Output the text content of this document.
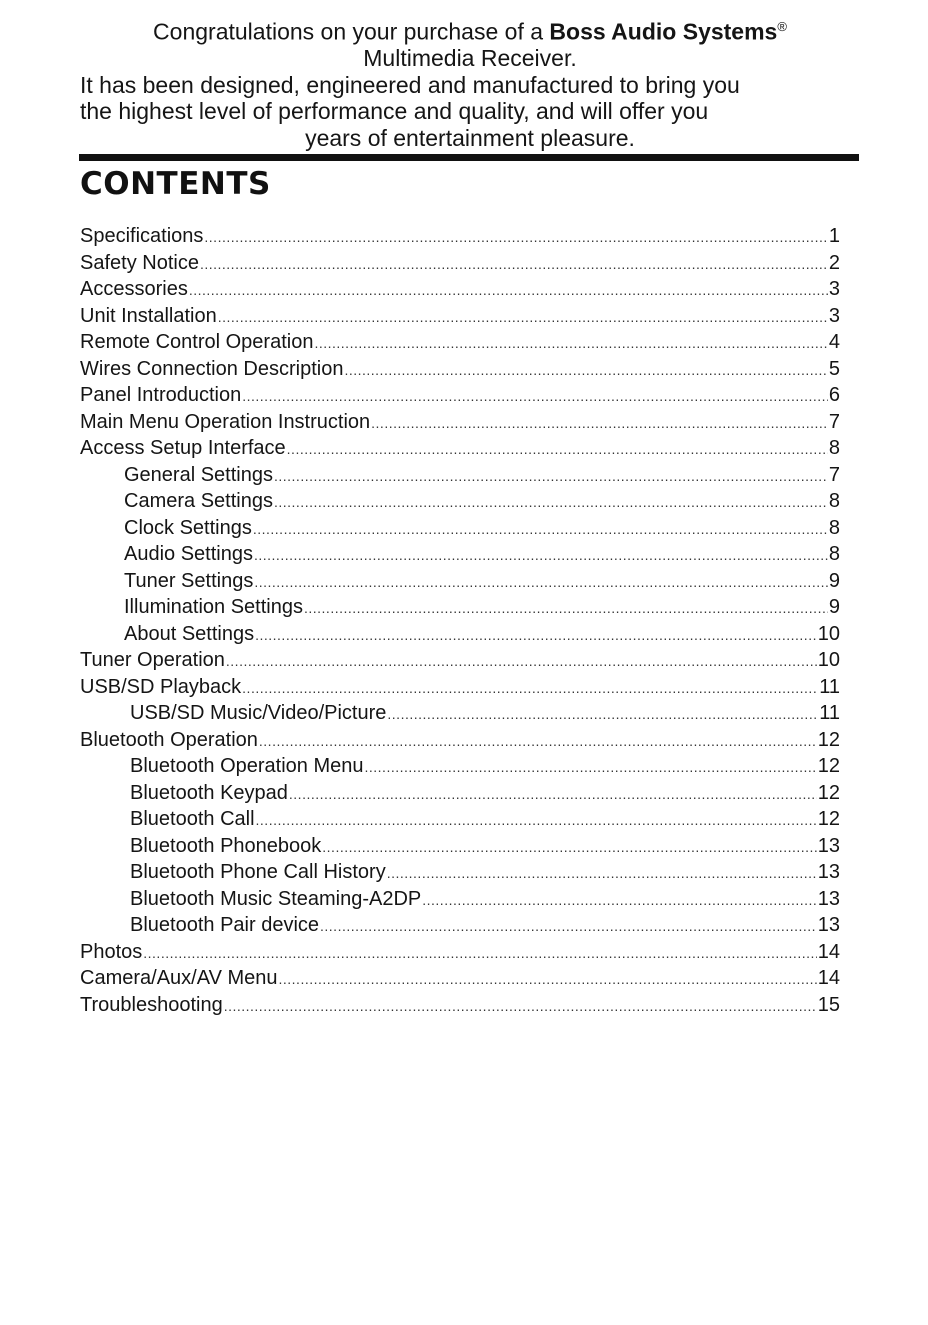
Congratulations on your purchase of a Boss Audio Systems®
Multimedia Receiver.
It has been designed, engineered and manufactured to bring you
the highest level of performance and quality, and will offer you
years of entertainment pleasure.
CONTENTS
Specifications .....	1
Safety Notice .....	2
Accessories .....	3
Unit Installation .....	3
Remote Control Operation .....	4
Wires Connection Description .....	5
Panel Introduction .....	6
Main Menu Operation Instruction .....	7
Access Setup Interface .....	8
General Settings .....	7
Camera Settings .....	8
Clock Settings .....	8
Audio Settings .....	8
Tuner Settings .....	9
Illumination Settings .....	9
About Settings .....	10
Tuner Operation .....	10
USB/SD Playback .....	11
USB/SD Music/Video/Picture .....	11
Bluetooth Operation .....	12
Bluetooth Operation Menu .....	12
Bluetooth Keypad .....	12
Bluetooth Call .....	12
Bluetooth Phonebook .....	13
Bluetooth Phone Call History .....	13
Bluetooth Music Steaming-A2DP .....	13
Bluetooth Pair device .....	13
Photos .....	14
Camera/Aux/AV Menu .....	14
Troubleshooting .....	15
